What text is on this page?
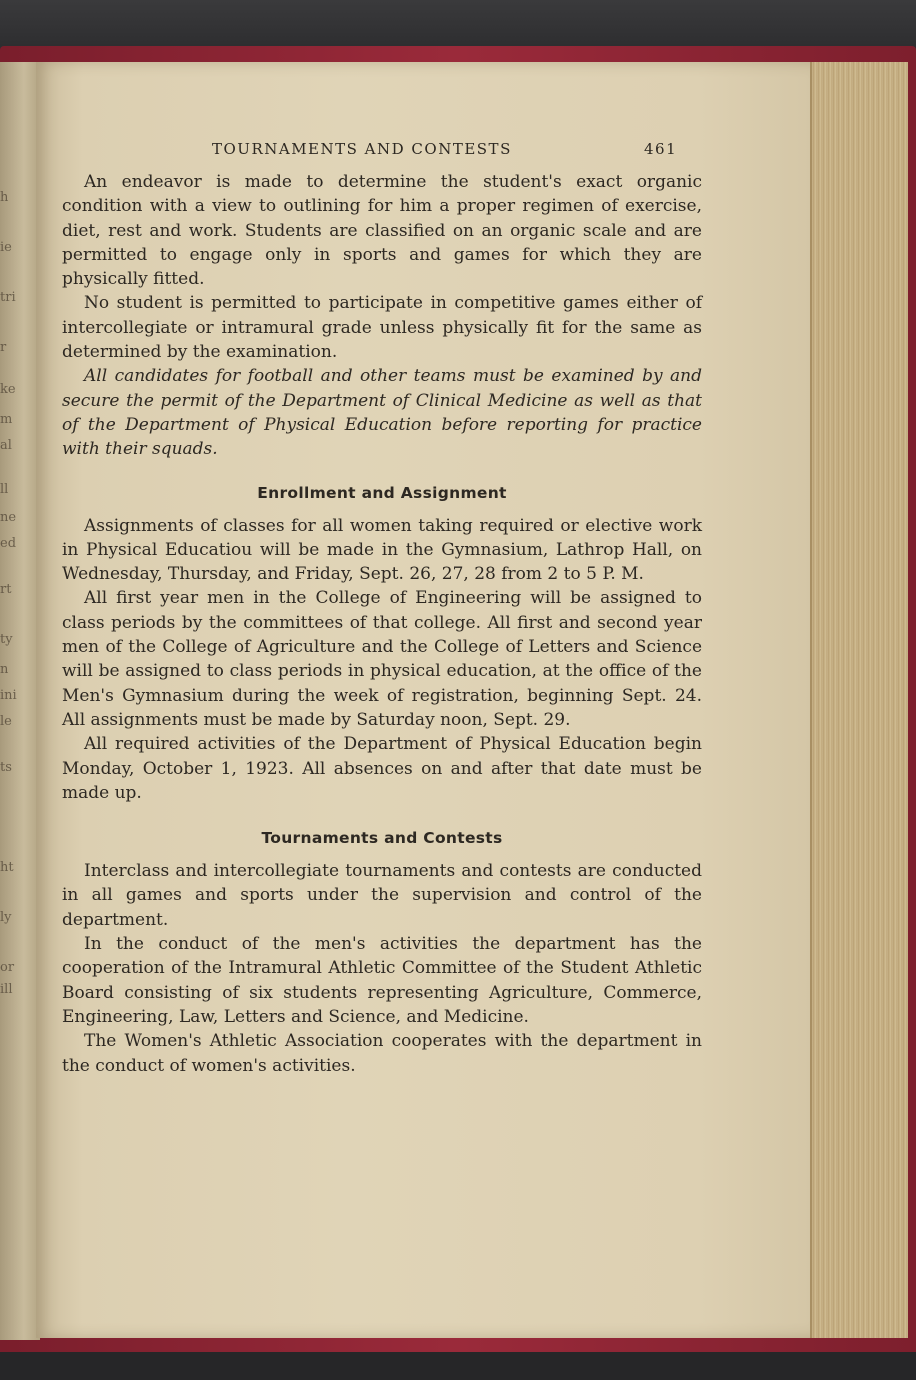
h
ie
tri
r
ke
m
al
ll
ne
ed
rt
ty
n
ini
le
ts
ht
ly
or
ill
TOURNAMENTS AND CONTESTS	461

An endeavor is made to determine the student's exact organic condition with a view to outlining for him a proper regimen of exercise, diet, rest and work. Students are classified on an organic scale and are permitted to engage only in sports and games for which they are physically fitted.

No student is permitted to participate in competitive games either of intercollegiate or intramural grade unless physically fit for the same as determined by the examination.

All candidates for football and other teams must be examined by and secure the permit of the Department of Clinical Medicine as well as that of the Department of Physical Education before reporting for practice with their squads.

Enrollment and Assignment

Assignments of classes for all women taking required or elective work in Physical Educatiou will be made in the Gymnasium, Lathrop Hall, on Wednesday, Thursday, and Friday, Sept. 26, 27, 28 from 2 to 5 P. M.

All first year men in the College of Engineering will be assigned to class periods by the committees of that college. All first and second year men of the College of Agriculture and the College of Letters and Science will be assigned to class periods in physical education, at the office of the Men's Gymnasium during the week of registration, beginning Sept. 24. All assignments must be made by Saturday noon, Sept. 29.

All required activities of the Department of Physical Education begin Monday, October 1, 1923. All absences on and after that date must be made up.

Tournaments and Contests

Interclass and intercollegiate tournaments and contests are conducted in all games and sports under the supervision and control of the department.

In the conduct of the men's activities the department has the cooperation of the Intramural Athletic Committee of the Student Athletic Board consisting of six students representing Agriculture, Commerce, Engineering, Law, Letters and Science, and Medicine.

The Women's Athletic Association cooperates with the department in the conduct of women's activities.
